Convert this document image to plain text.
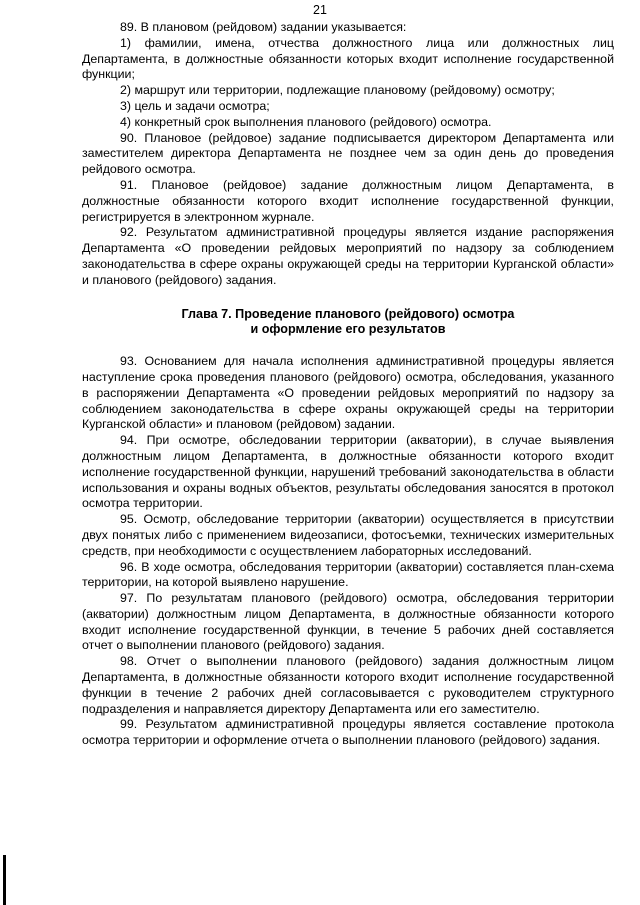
21

89. В плановом (рейдовом) задании указывается:

1) фамилии, имена, отчества должностного лица или должностных лиц Департамента, в должностные обязанности которых входит исполнение государственной функции;

2) маршрут или территории, подлежащие плановому (рейдовому) осмотру;

3) цель и задачи осмотра;

4) конкретный срок выполнения планового (рейдового) осмотра.

90. Плановое (рейдовое) задание подписывается директором Департамента или заместителем директора Департамента не позднее чем за один день до проведения рейдового осмотра.

91. Плановое (рейдовое) задание должностным лицом Департамента, в должностные обязанности которого входит исполнение государственной функции, регистрируется в электронном журнале.

92. Результатом административной процедуры является издание распоряжения Департамента «О проведении рейдовых мероприятий по надзору за соблюдением законодательства в сфере охраны окружающей среды на территории Курганской области» и планового (рейдового) задания.

Глава 7. Проведение планового (рейдового) осмотра
и оформление его результатов

93. Основанием для начала исполнения административной процедуры является наступление срока проведения планового (рейдового) осмотра, обследования, указанного в распоряжении Департамента «О проведении рейдовых мероприятий по надзору за соблюдением законодательства в сфере охраны окружающей среды на территории Курганской области» и плановом (рейдовом) задании.

94. При осмотре, обследовании территории (акватории), в случае выявления должностным лицом Департамента, в должностные обязанности которого входит исполнение государственной функции, нарушений требований законодательства в области использования и охраны водных объектов, результаты обследования заносятся в протокол осмотра территории.

95. Осмотр, обследование территории (акватории) осуществляется в присутствии двух понятых либо с применением видеозаписи, фотосъемки, технических измерительных средств, при необходимости с осуществлением лабораторных исследований.

96. В ходе осмотра, обследования территории (акватории) составляется план-схема территории, на которой выявлено нарушение.

97. По результатам планового (рейдового) осмотра, обследования территории (акватории) должностным лицом Департамента, в должностные обязанности которого входит исполнение государственной функции, в течение 5 рабочих дней составляется отчет о выполнении планового (рейдового) задания.

98. Отчет о выполнении планового (рейдового) задания должностным лицом Департамента, в должностные обязанности которого входит исполнение государственной функции в течение 2 рабочих дней согласовывается с руководителем структурного подразделения и направляется директору Департамента или его заместителю.

99. Результатом административной процедуры является составление протокола осмотра территории и оформление отчета о выполнении планового (рейдового) задания.
